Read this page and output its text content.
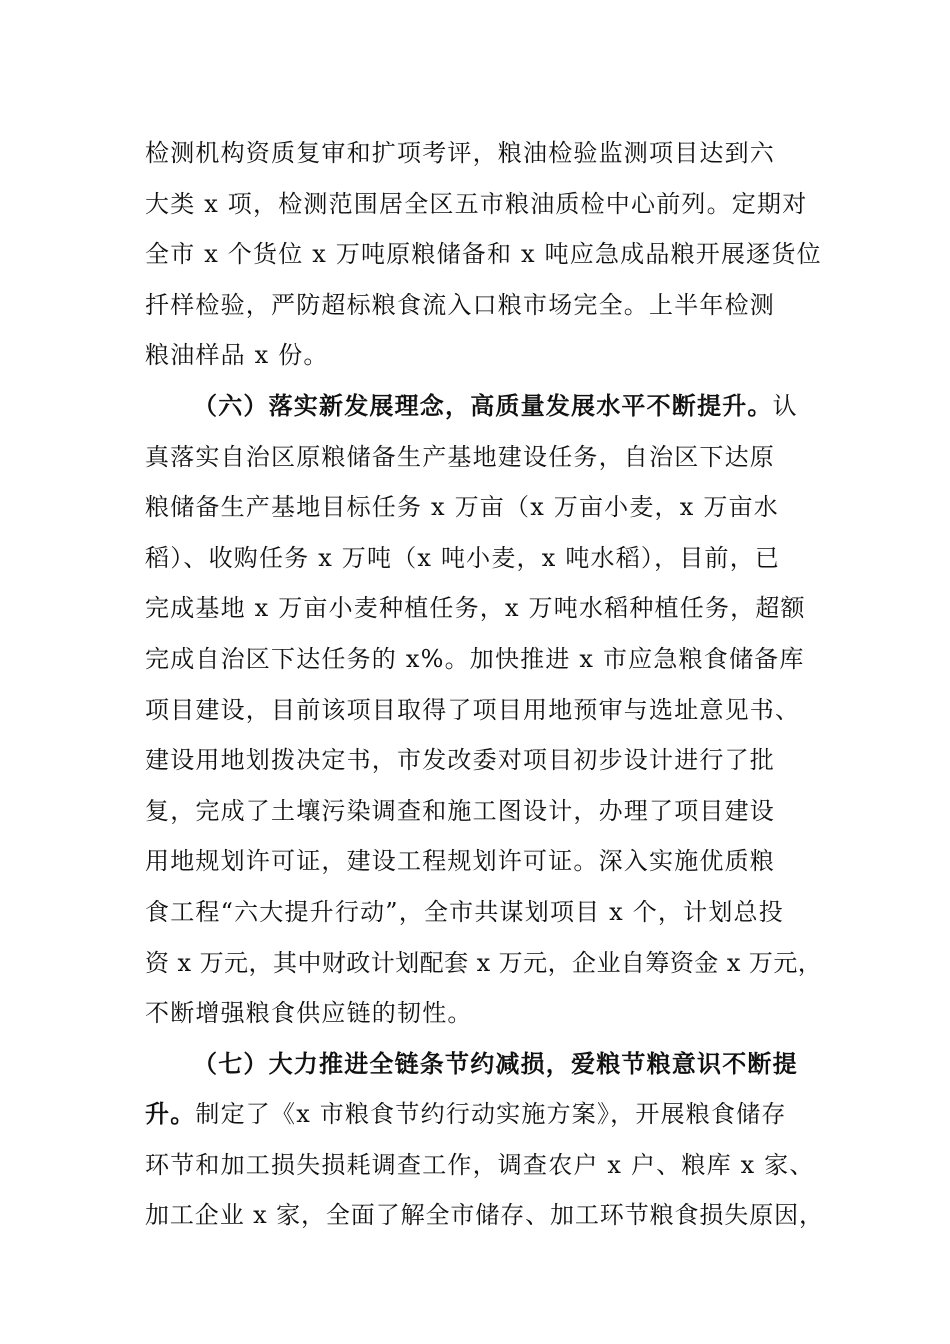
检测机构资质复审和扩项考评，粮油检验监测项目达到六
大类 x 项，检测范围居全区五市粮油质检中心前列。定期对
全市 x 个货位 x 万吨原粮储备和 x 吨应急成品粮开展逐货位
扦样检验，严防超标粮食流入口粮市场完全。上半年检测
粮油样品 x 份。
（六）落实新发展理念，高质量发展水平不断提升。认
真落实自治区原粮储备生产基地建设任务，自治区下达原
粮储备生产基地目标任务 x 万亩（x 万亩小麦，x 万亩水
稻）、收购任务 x 万吨（x 吨小麦，x 吨水稻），目前，已
完成基地 x 万亩小麦种植任务，x 万吨水稻种植任务，超额
完成自治区下达任务的 x%。加快推进 x 市应急粮食储备库
项目建设，目前该项目取得了项目用地预审与选址意见书、
建设用地划拨决定书，市发改委对项目初步设计进行了批
复，完成了土壤污染调查和施工图设计，办理了项目建设
用地规划许可证，建设工程规划许可证。深入实施优质粮
食工程“六大提升行动”，全市共谋划项目 x 个，计划总投
资 x 万元，其中财政计划配套 x 万元，企业自筹资金 x 万元，
不断增强粮食供应链的韧性。
（七）大力推进全链条节约减损，爱粮节粮意识不断提
升。制定了《x 市粮食节约行动实施方案》，开展粮食储存
环节和加工损失损耗调查工作，调查农户 x 户、粮库 x 家、
加工企业 x 家，全面了解全市储存、加工环节粮食损失原因，
